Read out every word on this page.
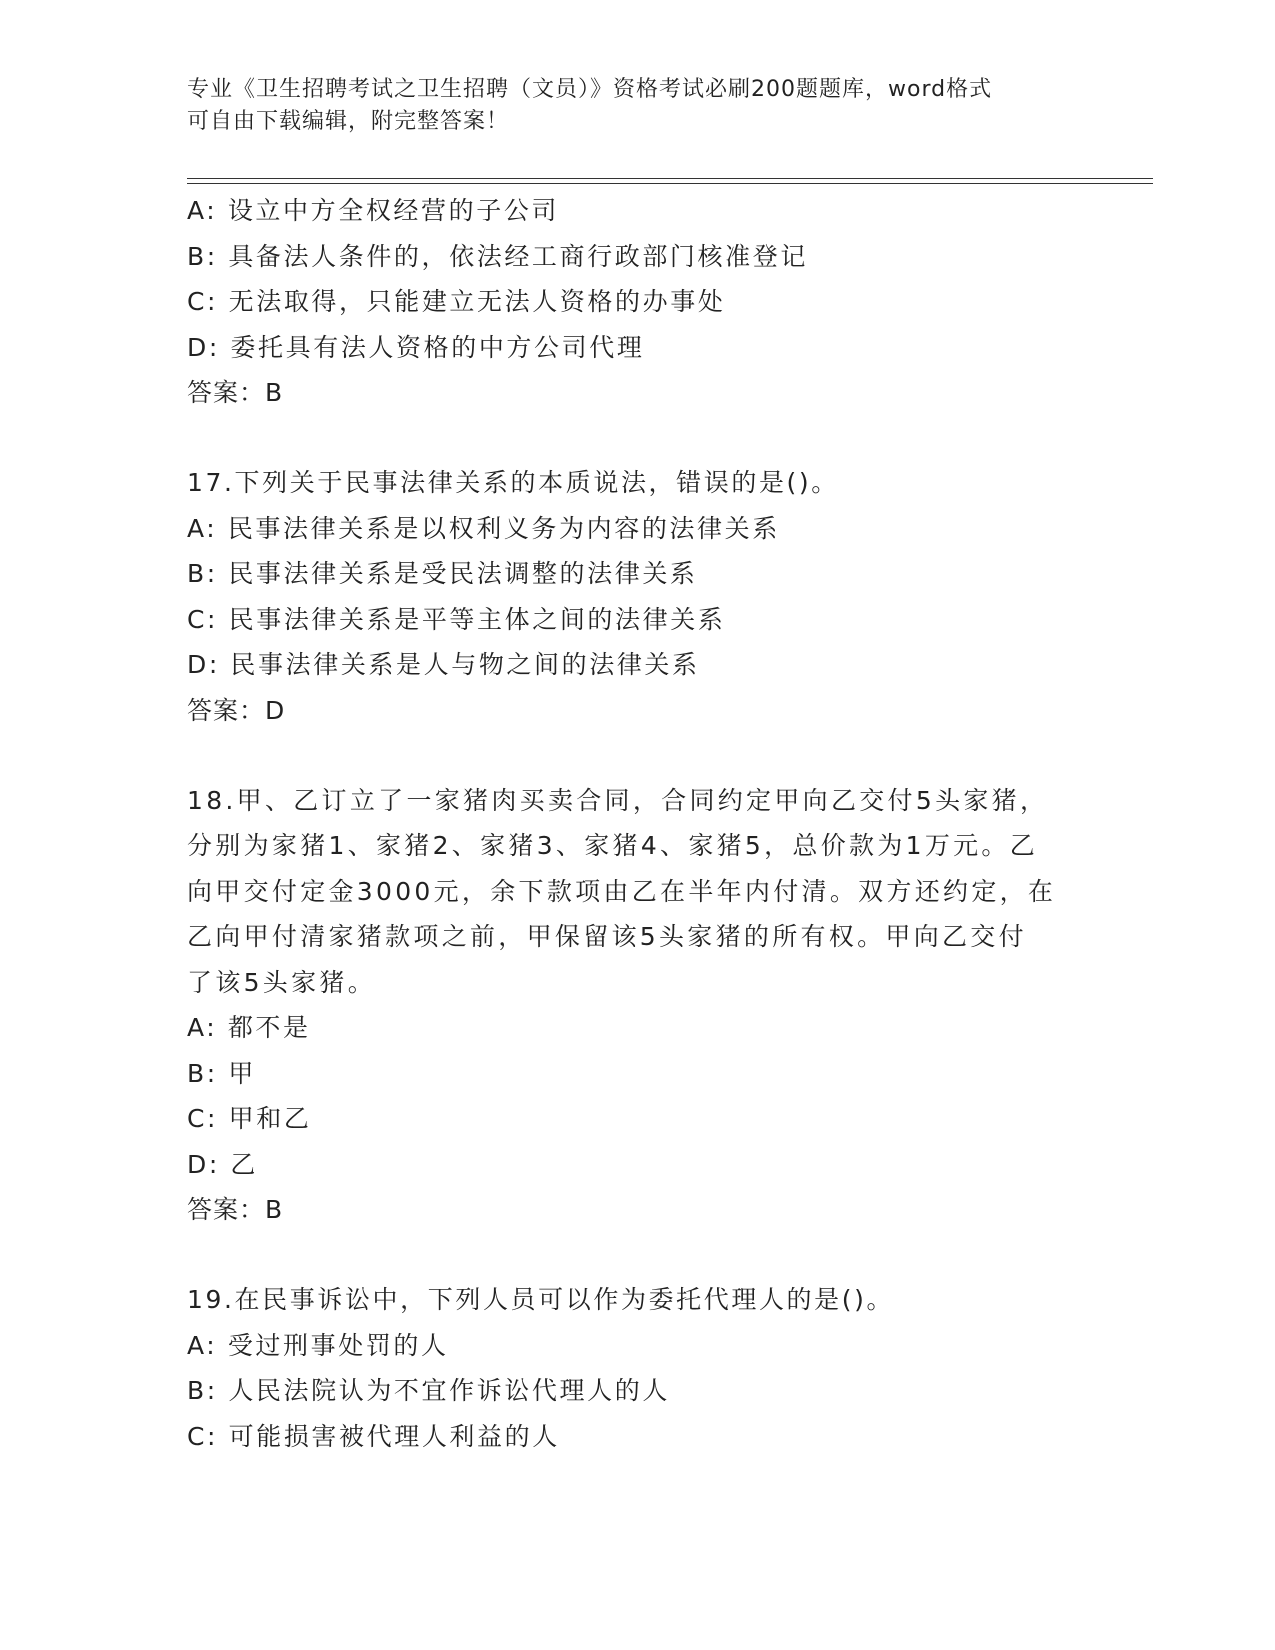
专业《卫生招聘考试之卫生招聘（文员）》资格考试必刷200题题库，word格式
可自由下载编辑，附完整答案！
A: 设立中方全权经营的子公司
B: 具备法人条件的，依法经工商行政部门核准登记
C: 无法取得，只能建立无法人资格的办事处
D: 委托具有法人资格的中方公司代理
答案：B
17.下列关于民事法律关系的本质说法，错误的是()。
A: 民事法律关系是以权利义务为内容的法律关系
B: 民事法律关系是受民法调整的法律关系
C: 民事法律关系是平等主体之间的法律关系
D: 民事法律关系是人与物之间的法律关系
答案：D
18.甲、乙订立了一家猪肉买卖合同，合同约定甲向乙交付5头家猪，
分别为家猪1、家猪2、家猪3、家猪4、家猪5，总价款为1万元。乙
向甲交付定金3000元，余下款项由乙在半年内付清。双方还约定，在
乙向甲付清家猪款项之前，甲保留该5头家猪的所有权。甲向乙交付
了该5头家猪。
A: 都不是
B: 甲
C: 甲和乙
D: 乙
答案：B
19.在民事诉讼中，下列人员可以作为委托代理人的是()。
A: 受过刑事处罚的人
B: 人民法院认为不宜作诉讼代理人的人
C: 可能损害被代理人利益的人
